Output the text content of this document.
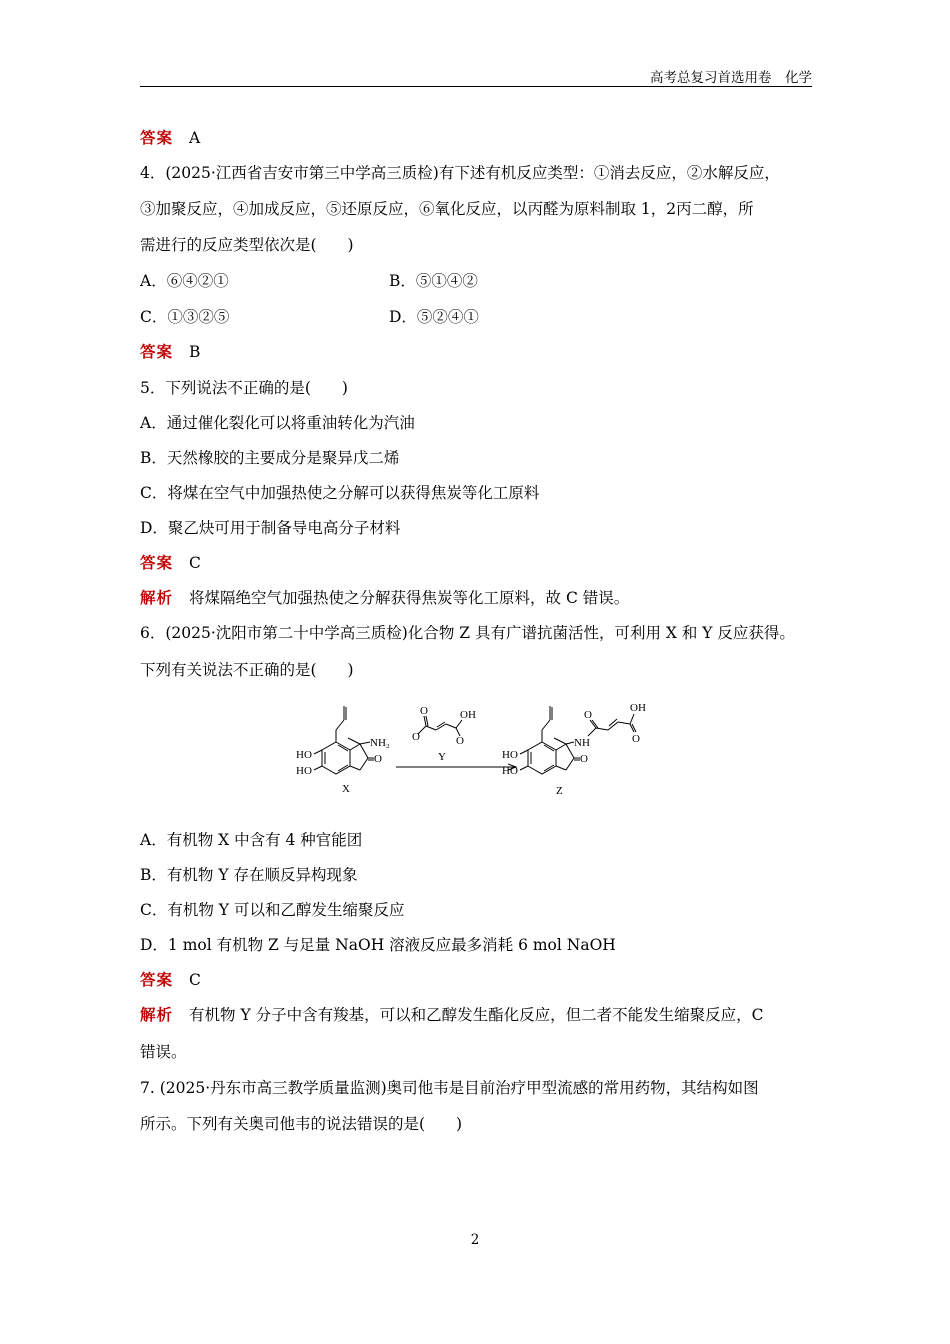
高考总复习首选用卷　化学
答案 A
4．(2025·江西省吉安市第三中学高三质检)有下述有机反应类型：①消去反应，②水解反应，
③加聚反应，④加成反应，⑤还原反应，⑥氧化反应，以丙醛为原料制取 1，2丙二醇，所
需进行的反应类型依次是(　　)
A．⑥④②①	B．⑤①④②
C．①③②⑤	D．⑤②④①
答案 B
5．下列说法不正确的是(　　)
A．通过催化裂化可以将重油转化为汽油
B．天然橡胶的主要成分是聚异戊二烯
C．将煤在空气中加强热使之分解可以获得焦炭等化工原料
D．聚乙炔可用于制备导电高分子材料
答案 C
解析 将煤隔绝空气加强热使之分解获得焦炭等化工原料，故 C 错误。
6．(2025·沈阳市第二十中学高三质检)化合物 Z 具有广谱抗菌活性，可利用 X 和 Y 反应获得。
下列有关说法不正确的是(　　)
NH₂
O
HO
HO
X
O
O	OH
O
Y
NH
O
HO
HO
O
OH
O
Z
A．有机物 X 中含有 4 种官能团
B．有机物 Y 存在顺反异构现象
C．有机物 Y 可以和乙醇发生缩聚反应
D．1 mol 有机物 Z 与足量 NaOH 溶液反应最多消耗 6 mol NaOH
答案 C
解析 有机物 Y 分子中含有羧基，可以和乙醇发生酯化反应，但二者不能发生缩聚反应，C
错误。
7. (2025·丹东市高三教学质量监测)奥司他韦是目前治疗甲型流感的常用药物，其结构如图
所示。下列有关奥司他韦的说法错误的是(　　)
2
